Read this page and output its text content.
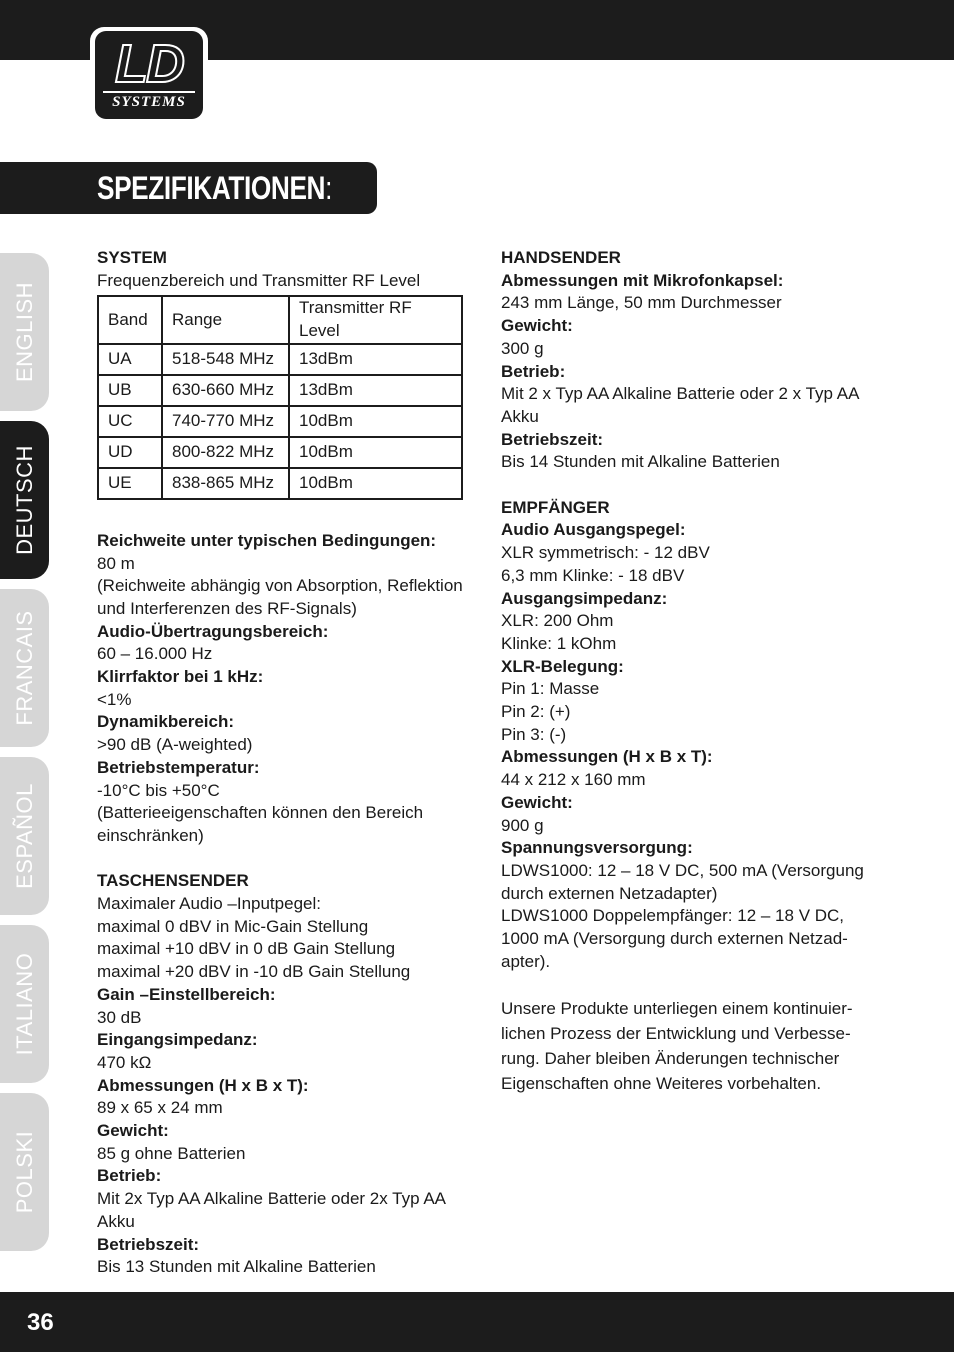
LD
SYSTEMS
SPEZIFIKATIONEN:
ENGLISH
DEUTSCH
FRANCAIS
ESPAÑOL
ITALIANO
POLSKI

SYSTEM

Frequenzbereich und Transmitter RF Level

Band	Range	Transmitter RF Level
UA	518-548 MHz	13dBm
UB	630-660 MHz	13dBm
UC	740-770 MHz	10dBm
UD	800-822 MHz	10dBm
UE	838-865 MHz	10dBm

Reichweite unter typischen Bedingungen:

80 m

(Reichweite abhängig von Absorption, Reflektion und Interferenzen des RF-Signals)

Audio-Übertragungsbereich:

60 – 16.000 Hz

Klirrfaktor bei 1 kHz:

<1%

Dynamikbereich:

>90 dB (A-weighted)

Betriebstemperatur:

-10°C bis +50°C

(Batterieeigenschaften können den Bereich einschränken)

TASCHENSENDER

Maximaler Audio –Inputpegel:

maximal 0 dBV in Mic-Gain Stellung

maximal +10 dBV in 0 dB Gain Stellung

maximal +20 dBV in -10 dB Gain Stellung

Gain –Einstellbereich:

30 dB

Eingangsimpedanz:

470 kΩ

Abmessungen (H x B x T):

89 x 65 x 24 mm

Gewicht:

85 g ohne Batterien

Betrieb:

Mit 2x Typ AA Alkaline Batterie oder 2x Typ AA Akku

Betriebszeit:

Bis 13 Stunden mit Alkaline Batterien

HANDSENDER

Abmessungen mit Mikrofonkapsel:

243 mm Länge, 50 mm Durchmesser

Gewicht:

300 g

Betrieb:

Mit 2 x Typ AA Alkaline Batterie oder 2 x Typ AA Akku

Betriebszeit:

Bis 14 Stunden mit Alkaline Batterien

EMPFÄNGER

Audio Ausgangspegel:

XLR symmetrisch: - 12 dBV

6,3 mm Klinke: - 18 dBV

Ausgangsimpedanz:

XLR: 200 Ohm

Klinke: 1 kOhm

XLR-Belegung:

Pin 1: Masse

Pin 2: (+)

Pin 3: (-)

Abmessungen (H x B x T):

44 x 212 x 160 mm

Gewicht:

900 g

Spannungsversorgung:

LDWS1000: 12 – 18 V DC, 500 mA (Versorgung durch externen Netzadapter)

LDWS1000 Doppelempfänger: 12 – 18 V DC, 1000 mA (Versorgung durch externen Netzad-apter).

Unsere Produkte unterliegen einem kontinuier-lichen Prozess der Entwicklung und Verbesse-rung. Daher bleiben Änderungen technischer Eigenschaften ohne Weiteres vorbehalten.

36
